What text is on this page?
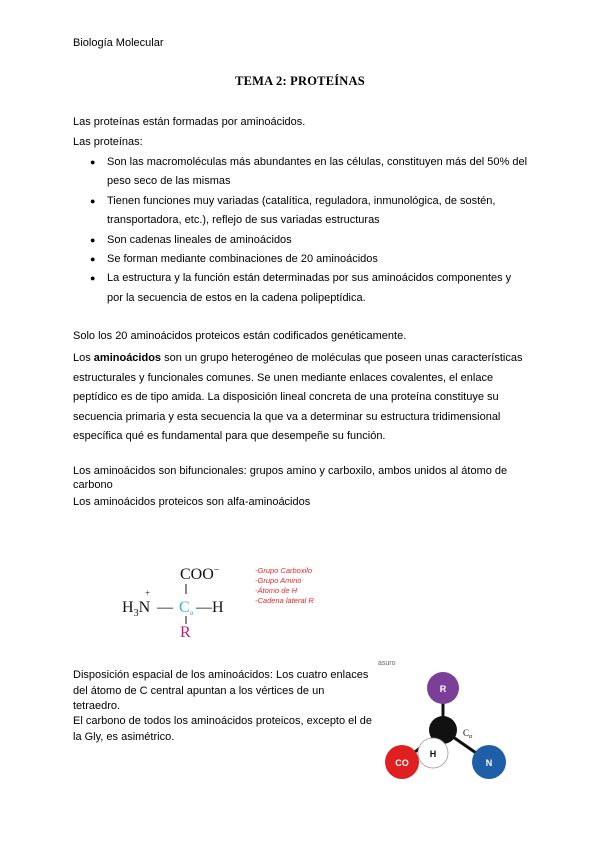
Biología Molecular
TEMA 2: PROTEÍNAS
Las proteínas están formadas por aminoácidos.
Las proteínas:
● Son las macromoléculas más abundantes en las células, constituyen más del 50% del peso seco de las mismas
● Tienen funciones muy variadas (catalítica, reguladora, inmunológica, de sostén, transportadora, etc.), reflejo de sus variadas estructuras
● Son cadenas lineales de aminoácidos
● Se forman mediante combinaciones de 20 aminoácidos
● La estructura y la función están determinadas por sus aminoácidos componentes y por la secuencia de estos en la cadena polipeptídica.
Solo los 20 aminoácidos proteicos están codificados genéticamente.
Los aminoácidos son un grupo heterogéneo de moléculas que poseen unas características estructurales y funcionales comunes. Se unen mediante enlaces covalentes, el enlace peptídico es de tipo amida. La disposición lineal concreta de una proteína constituye su secuencia primaria y esta secuencia la que va a determinar su estructura tridimensional específica qué es fundamental para que desempeñe su función.
Los aminoácidos son bifuncionales: grupos amino y carboxilo, ambos unidos al átomo de carbono
Los aminoácidos proteicos son alfa-aminoácidos
COO−
$H_3N$
+
— Cα —H
R
-Grupo Carboxilo
-Grupo Amino
-Átomo de H
-Cadena lateral R
asuro
Disposición espacial de los aminoácidos: Los cuatro enlaces del átomo de C central apuntan a los vértices de un tetraedro.
El carbono de todos los aminoácidos proteicos, excepto el de la Gly, es asimétrico.
CO	N
R
H
$C_\alpha$
